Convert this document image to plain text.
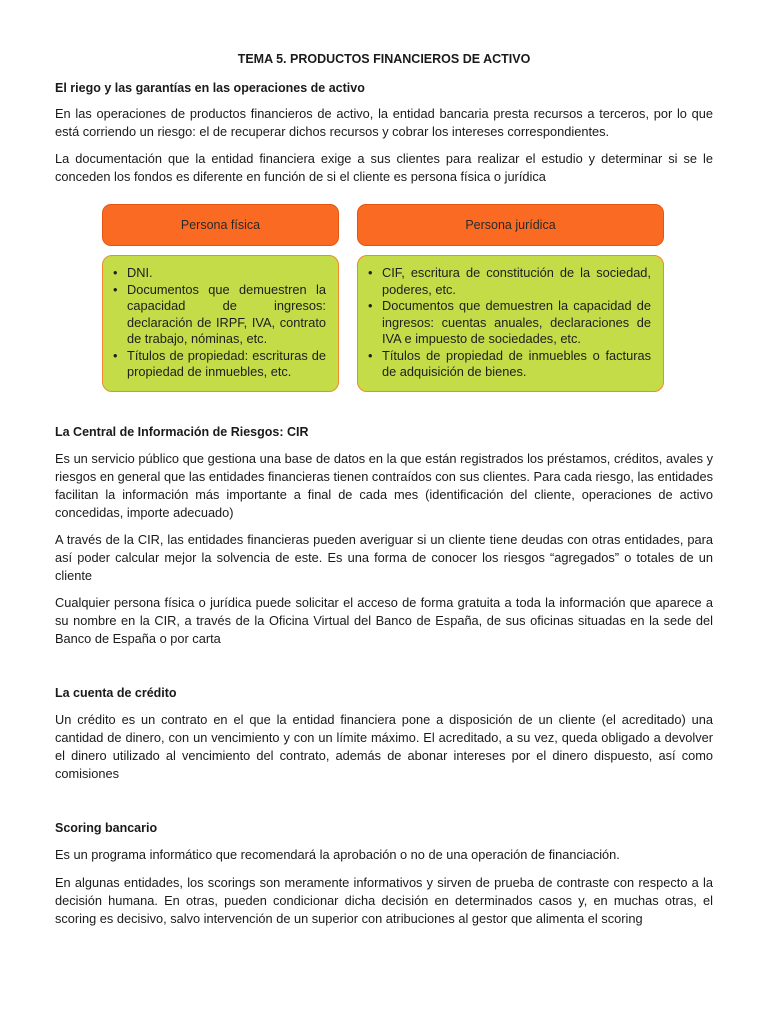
TEMA 5. PRODUCTOS FINANCIEROS DE ACTIVO
El riego y las garantías en las operaciones de activo

En las operaciones de productos financieros de activo, la entidad bancaria presta recursos a terceros, por lo que está corriendo un riesgo: el de recuperar dichos recursos y cobrar los intereses correspondientes.

La documentación que la entidad financiera exige a sus clientes para realizar el estudio y determinar si se le conceden los fondos es diferente en función de si el cliente es persona física o jurídica

Persona física	Persona jurídica
• DNI.
• Documentos que demuestren la capacidad de ingresos: declaración de IRPF, IVA, contrato de trabajo, nóminas, etc.
• Títulos de propiedad: escrituras de propiedad de inmuebles, etc.
• CIF, escritura de constitución de la sociedad, poderes, etc.
• Documentos que demuestren la capacidad de ingresos: cuentas anuales, declaraciones de IVA e impuesto de sociedades, etc.
• Títulos de propiedad de inmuebles o facturas de adquisición de bienes.
La Central de Información de Riesgos: CIR

Es un servicio público que gestiona una base de datos en la que están registrados los préstamos, créditos, avales y riesgos en general que las entidades financieras tienen contraídos con sus clientes. Para cada riesgo, las entidades facilitan la información más importante a final de cada mes (identificación del cliente, operaciones de activo concedidas, importe adecuado)

A través de la CIR, las entidades financieras pueden averiguar si un cliente tiene deudas con otras entidades, para así poder calcular mejor la solvencia de este. Es una forma de conocer los riesgos “agregados” o totales de un cliente

Cualquier persona física o jurídica puede solicitar el acceso de forma gratuita a toda la información que aparece a su nombre en la CIR, a través de la Oficina Virtual del Banco de España, de sus oficinas situadas en la sede del Banco de España o por carta

La cuenta de crédito

Un crédito es un contrato en el que la entidad financiera pone a disposición de un cliente (el acreditado) una cantidad de dinero, con un vencimiento y con un límite máximo. El acreditado, a su vez, queda obligado a devolver el dinero utilizado al vencimiento del contrato, además de abonar intereses por el dinero dispuesto, así como comisiones

Scoring bancario

Es un programa informático que recomendará la aprobación o no de una operación de financiación.

En algunas entidades, los scorings son meramente informativos y sirven de prueba de contraste con respecto a la decisión humana. En otras, pueden condicionar dicha decisión en determinados casos y, en muchas otras, el scoring es decisivo, salvo intervención de un superior con atribuciones al gestor que alimenta el scoring
